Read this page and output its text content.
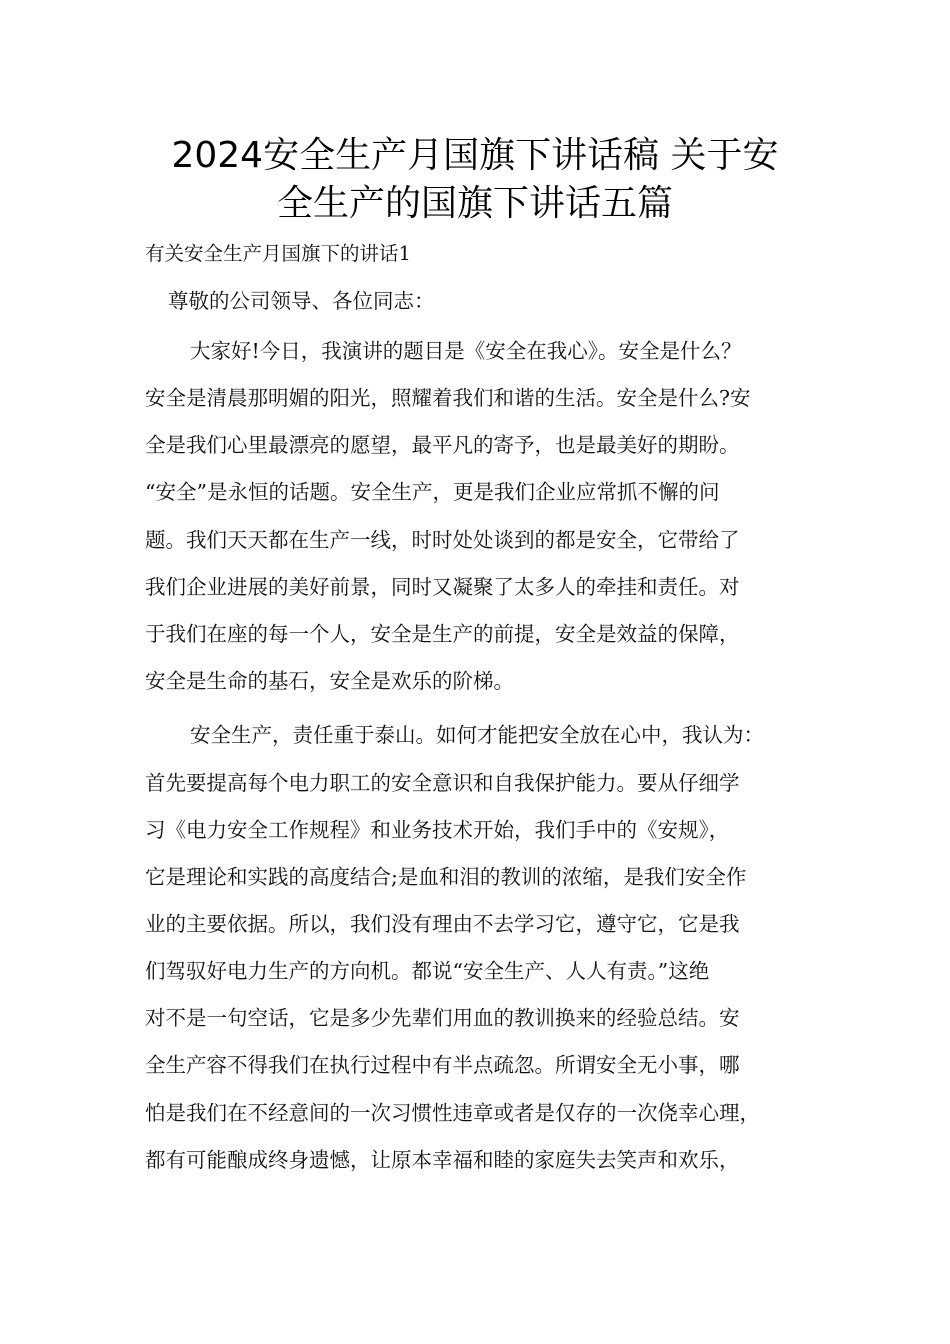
2024安全生产月国旗下讲话稿 关于安
全生产的国旗下讲话五篇

有关安全生产月国旗下的讲话1

尊敬的公司领导、各位同志：

大家好!今日，我演讲的题目是《安全在我心》。安全是什么？

安全是清晨那明媚的阳光，照耀着我们和谐的生活。安全是什么?安

全是我们心里最漂亮的愿望，最平凡的寄予，也是最美好的期盼。

“安全”是永恒的话题。安全生产，更是我们企业应常抓不懈的问

题。我们天天都在生产一线，时时处处谈到的都是安全，它带给了

我们企业进展的美好前景，同时又凝聚了太多人的牵挂和责任。对

于我们在座的每一个人，安全是生产的前提，安全是效益的保障，

安全是生命的基石，安全是欢乐的阶梯。

安全生产，责任重于泰山。如何才能把安全放在心中，我认为：

首先要提高每个电力职工的安全意识和自我保护能力。要从仔细学

习《电力安全工作规程》和业务技术开始，我们手中的《安规》，

它是理论和实践的高度结合;是血和泪的教训的浓缩，是我们安全作

业的主要依据。所以，我们没有理由不去学习它，遵守它，它是我

们驾驭好电力生产的方向机。都说“安全生产、人人有责。”这绝

对不是一句空话，它是多少先辈们用血的教训换来的经验总结。安

全生产容不得我们在执行过程中有半点疏忽。所谓安全无小事，哪

怕是我们在不经意间的一次习惯性违章或者是仅存的一次侥幸心理，

都有可能酿成终身遗憾，让原本幸福和睦的家庭失去笑声和欢乐，
